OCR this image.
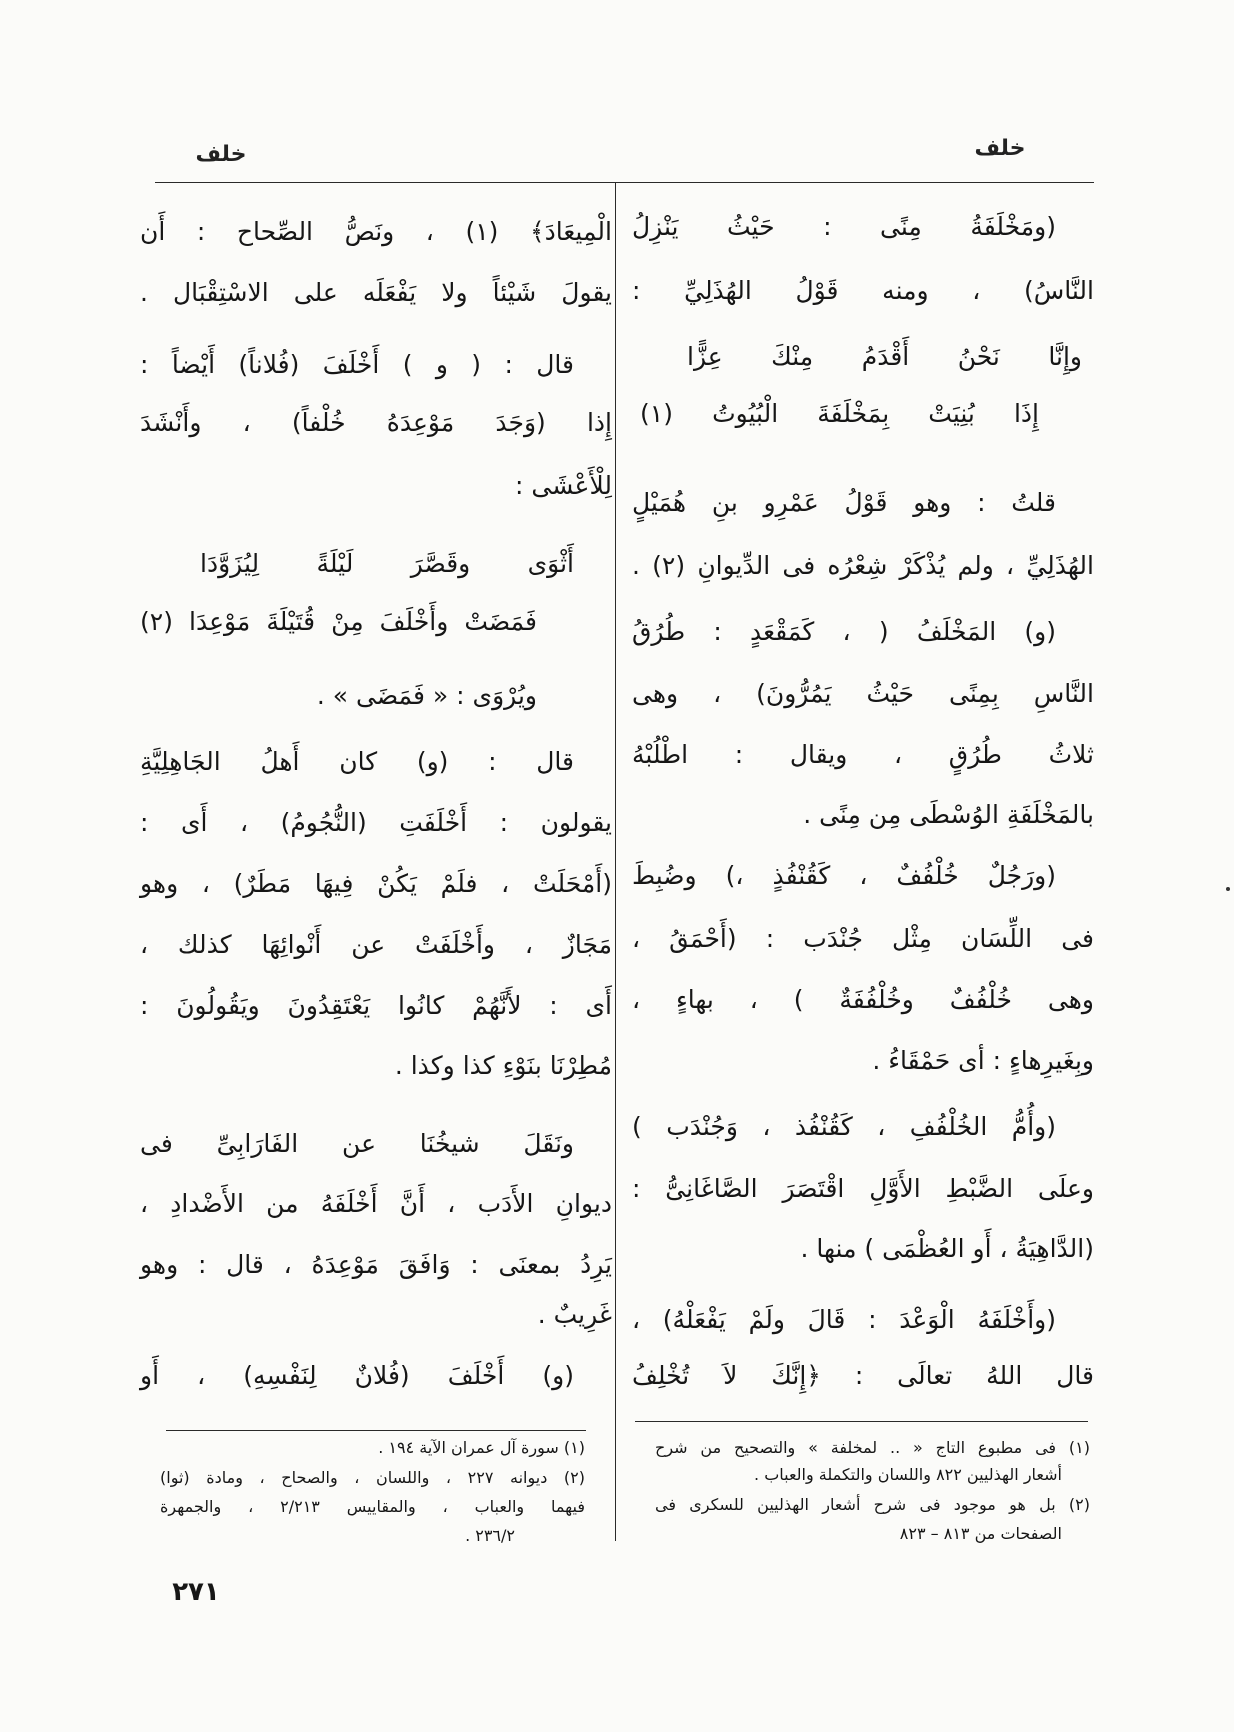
خلف	خلف
(ومَخْلَفَةُ مِنًى : حَيْثُ يَنْزِلُ
النَّاسُ) ، ومنه قَوْلُ الهُذَلِيِّ :
وإِنَّا نَحْنُ أَقْدَمُ مِنْكَ عِزًّا
إِذَا بُنِيَتْ بِمَخْلَفَةَ الْبُيُوتُ (١)
قلتُ : وهو قَوْلُ عَمْرِو بنِ هُمَيْلٍ
الهُذَلِيِّ ، ولم يُذْكَرْ شِعْرُه فى الدِّيوانِ (٢) .
(و) المَخْلَفُ ( ، كَمَقْعَدٍ : طُرُقُ
النَّاسِ بِمِنًى حَيْثُ يَمُرُّونَ) ، وهى
ثلاثُ طُرُقٍ ، ويقال : اطْلُبْهُ
بالمَخْلَفَةِ الوُسْطَى مِن مِنًى .
(ورَجُلٌ خُلْفُفٌ ، كَقُنْفُذٍ ،) وضُبِطَ
فى اللِّسَان مِثْل جُنْدَب : (أَحْمَقُ ،
وهى خُلْفُفٌ وخُلْفُفَةٌ ) ، بهاءٍ ،
وبِغَيرِهاءٍ : أى حَمْقَاءُ .
(وأُمُّ الخُلْفُفِ ، كَقُنْفُذ ، وَجُنْدَب )
وعلَى الضَّبْطِ الأَوَّلِ اقْتَصَرَ الصَّاغَانِىُّ :
(الدَّاهِيَةُ ، أَو العُظْمَى ) منها .
(وأَخْلَفَهُ الْوَعْدَ : قَالَ ولَمْ يَفْعَلْهُ) ،
قال اللهُ تعالَى : ﴿إِنَّكَ لاَ تُخْلِفُ
(١) فى مطبوع التاج « .. لمخلفة » والتصحيح من شرح
أشعار الهذليين ٨٢٢ واللسان والتكملة والعباب .
(٢) بل هو موجود فى شرح أشعار الهذليين للسكرى فى
الصفحات من ٨١٣ – ٨٢٣
الْمِيعَادَ﴾ (١) ، ونَصُّ الصِّحاح : أَن
يقولَ شَيْئاً ولا يَفْعَلَه على الاسْتِقْبَال .
قال : ( و ) أَخْلَفَ (فُلاناً) أَيْضاً :
إِذا (وَجَدَ مَوْعِدَهُ خُلْفاً) ، وأَنْشَدَ
لِلْأَعْشَى :
أَثْوَى وقَصَّرَ لَيْلَةً لِيُزَوَّدَا
فَمَضَتْ وأَخْلَفَ مِنْ قُتَيْلَةَ مَوْعِدَا (٢)
ويُرْوَى : « فَمَضَى » .
قال : (و) كان أَهلُ الجَاهِلِيَّةِ
يقولون : أَخْلَفَتِ (النُّجُومُ) ، أَى :
(أَمْحَلَتْ ، فلَمْ يَكُنْ فِيهَا مَطَرٌ) ، وهو
مَجَازٌ ، وأَخْلَفَتْ عن أَنْوائِهَا كذلك ،
أَى : لأَنَّهُمْ كانُوا يَعْتَقِدُونَ ويَقُولُونَ :
مُطِرْنَا بنَوْءِ كذا وكذا .
ونَقَلَ شيخُنَا عن الفَارَابِىِّ فى
ديوانِ الأَدَب ، أَنَّ أَخْلَفَهُ من الأَضْدادِ ،
يَرِدُ بمعنَى : وَافَقَ مَوْعِدَهُ ، قال : وهو
غَرِيبٌ .
(و) أَخْلَفَ (فُلانٌ لِنَفْسِهِ) ، أَو
(١) سورة آل عمران الآية ١٩٤ .
(٢) ديوانه ٢٢٧ ، واللسان ، والصحاح ، ومادة (ثوا)
فيهما والعباب ، والمقاييس ٢/٢١٣ ، والجمهرة
٢٣٦/٢ .
٢٧١
